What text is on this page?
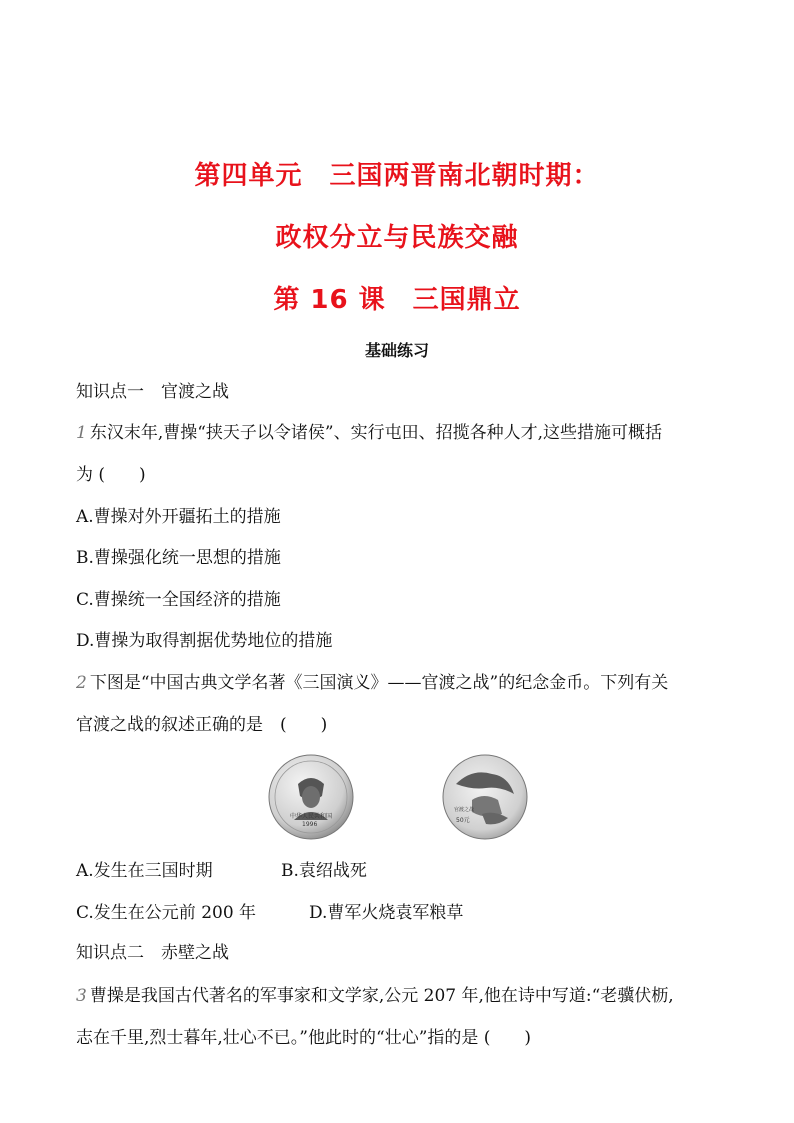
第四单元　三国两晋南北朝时期：
政权分立与民族交融
第 16 课　三国鼎立
基础练习
知识点一　官渡之战
1 东汉末年,曹操“挟天子以令诸侯”、实行屯田、招揽各种人才,这些措施可概括
为 (　　)
A.曹操对外开疆拓土的措施
B.曹操强化统一思想的措施
C.曹操统一全国经济的措施
D.曹操为取得割据优势地位的措施
2 下图是“中国古典文学名著《三国演义》——官渡之战”的纪念金币。下列有关
官渡之战的叙述正确的是　(　　)
中华人民共和国
1996
官渡之战
50元
A.发生在三国时期	B.袁绍战死
C.发生在公元前 200 年	D.曹军火烧袁军粮草
知识点二　赤壁之战
3 曹操是我国古代著名的军事家和文学家,公元 207 年,他在诗中写道:“老骥伏枥,
志在千里,烈士暮年,壮心不已。”他此时的“壮心”指的是 (　　)
